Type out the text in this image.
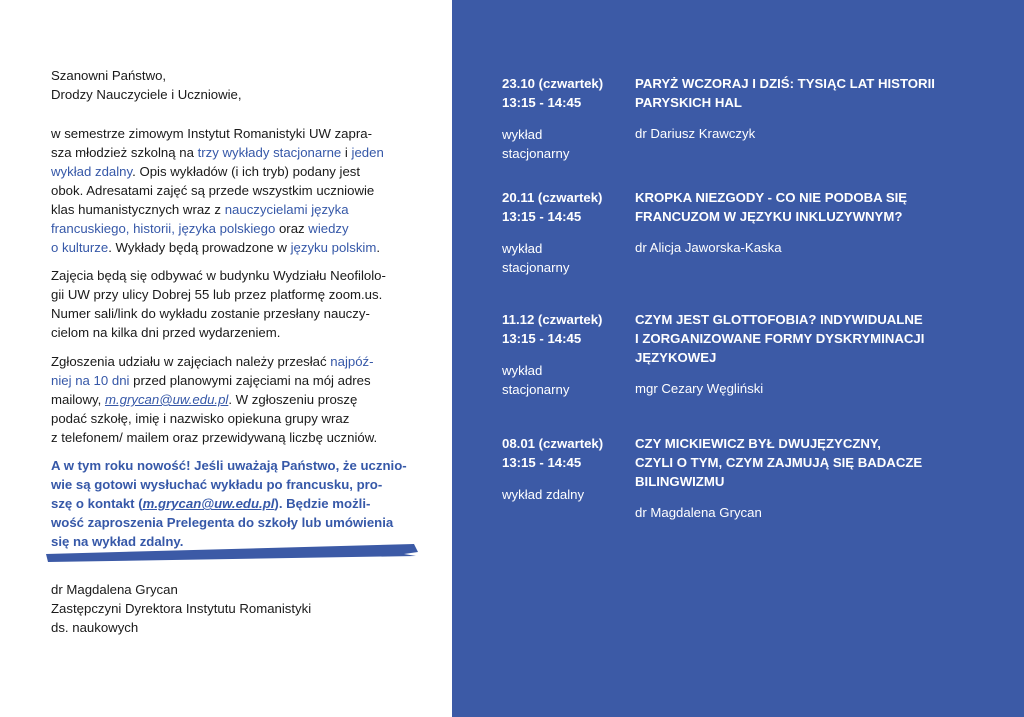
Szanowni Państwo,

Drodzy Nauczyciele i Uczniowie,

w semestrze zimowym Instytut Romanistyki UW zapra-

sza młodzież szkolną na trzy wykłady stacjonarne i jeden

wykład zdalny. Opis wykładów (i ich tryb) podany jest

obok. Adresatami zajęć są przede wszystkim uczniowie

klas humanistycznych wraz z nauczycielami języka

francuskiego, historii, języka polskiego oraz wiedzy

o kulturze. Wykłady będą prowadzone w języku polskim.

Zajęcia będą się odbywać w budynku Wydziału Neofilolo-

gii UW przy ulicy Dobrej 55 lub przez platformę zoom.us.

Numer sali/link do wykładu zostanie przesłany nauczy-

cielom na kilka dni przed wydarzeniem.

Zgłoszenia udziału w zajęciach należy przesłać najpóź-

niej na 10 dni przed planowymi zajęciami na mój adres

mailowy, m.grycan@uw.edu.pl. W zgłoszeniu proszę

podać szkołę, imię i nazwisko opiekuna grupy wraz

z telefonem/ mailem oraz przewidywaną liczbę uczniów.

A w tym roku nowość! Jeśli uważają Państwo, że ucznio-

wie są gotowi wysłuchać wykładu po francusku, pro-

szę o kontakt (m.grycan@uw.edu.pl). Będzie możli-

wość zaproszenia Prelegenta do szkoły lub umówienia

się na wykład zdalny.

dr Magdalena Grycan

Zastępczyni Dyrektora Instytutu Romanistyki

ds. naukowych

23.10 (czwartek)
13:15 - 14:45
wykład
stacjonarny
PARYŻ WCZORAJ I DZIŚ: TYSIĄC LAT HISTORII
PARYSKICH HAL
dr Dariusz Krawczyk
20.11 (czwartek)
13:15 - 14:45
wykład
stacjonarny
KROPKA NIEZGODY - CO NIE PODOBA SIĘ
FRANCUZOM W JĘZYKU INKLUZYWNYM?
dr Alicja Jaworska-Kaska
11.12 (czwartek)
13:15 - 14:45
wykład
stacjonarny
CZYM JEST GLOTTOFOBIA? INDYWIDUALNE
I ZORGANIZOWANE FORMY DYSKRYMINACJI
JĘZYKOWEJ
mgr Cezary Węgliński
08.01 (czwartek)
13:15 - 14:45
wykład zdalny
CZY MICKIEWICZ BYŁ DWUJĘZYCZNY,
CZYLI O TYM, CZYM ZAJMUJĄ SIĘ BADACZE
BILINGWIZMU
dr Magdalena Grycan
